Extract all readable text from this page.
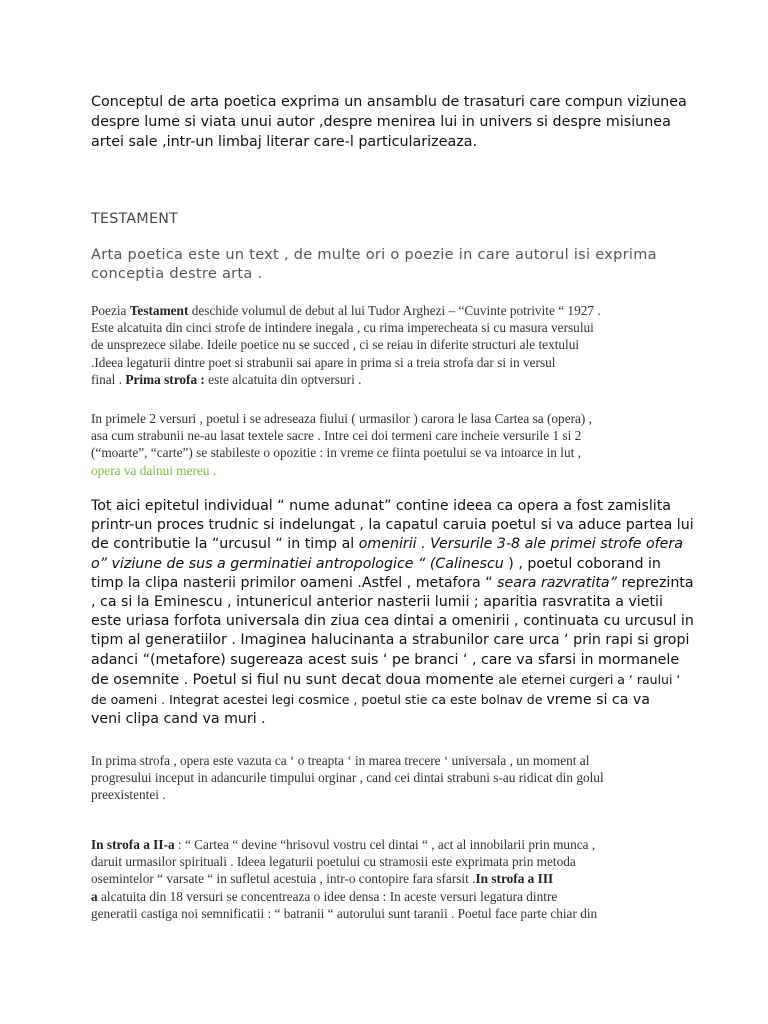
Conceptul de arta poetica exprima un ansamblu de trasaturi care compun viziunea
despre lume si viata unui autor ,despre menirea lui in univers si despre misiunea
artei sale ,intr-un limbaj literar care-l particularizeaza.
TESTAMENT
Arta poetica este un text , de multe ori o poezie in care autorul isi exprima
conceptia destre arta .
Poezia Testament deschide volumul de debut al lui Tudor Arghezi – “Cuvinte potrivite “ 1927 .
Este alcatuita din cinci strofe de intindere inegala , cu rima imperecheata si cu masura versului
de unsprezece silabe. Ideile poetice nu se succed , ci se reiau in diferite structuri ale textului
.Ideea legaturii dintre poet si strabunii sai apare in prima si a treia strofa dar si in versul
final . Prima strofa : este alcatuita din optversuri .
In primele 2 versuri , poetul i se adreseaza fiului ( urmasilor ) carora le lasa Cartea sa (opera) ,
asa cum strabunii ne-au lasat textele sacre . Intre cei doi termeni care incheie versurile 1 si 2
(“moarte”, “carte”) se stabileste o opozitie : in vreme ce fiinta poetului se va intoarce in lut ,
opera va dainui mereu .
Tot aici epitetul individual “ nume adunat” contine ideea ca opera a fost zamislita
printr-un proces trudnic si indelungat , la capatul caruia poetul si va aduce partea lui
de contributie la “urcusul “ in timp al omenirii . Versurile 3-8 ale primei strofe ofera
o” viziune de sus a germinatiei antropologice “ (Calinescu ) , poetul coborand in
timp la clipa nasterii primilor oameni .Astfel , metafora “ seara razvratita” reprezinta
, ca si la Eminescu , intunericul anterior nasterii lumii ; aparitia rasvratita a vietii
este uriasa forfota universala din ziua cea dintai a omenirii , continuata cu urcusul in
tipm al generatiilor . Imaginea halucinanta a strabunilor care urca ‘ prin rapi si gropi
adanci “(metafore) sugereaza acest suis ‘ pe branci ‘ , care va sfarsi in mormanele
de osemnite . Poetul si fiul nu sunt decat doua momente ale eternei curgeri a ‘ raului ‘
de oameni . Integrat acestei legi cosmice , poetul stie ca este bolnav de vreme si ca va
veni clipa cand va muri .
In prima strofa , opera este vazuta ca ‘ o treapta ‘ in marea trecere ‘ universala , un moment al
progresului inceput in adancurile timpului orginar , cand cei dintai strabuni s-au ridicat din golul
preexistentei .
In strofa a II-a : “ Cartea “ devine “hrisovul vostru cel dintai “ , act al innobilarii prin munca ,
daruit urmasilor spirituali . Ideea legaturii poetului cu stramosii este exprimata prin metoda
osemintelor “ varsate “ in sufletul acestuia , intr-o contopire fara sfarsit .In strofa a III
a alcatuita din 18 versuri se concentreaza o idee densa : In aceste versuri legatura dintre
generatii castiga noi semnificatii : “ batranii “ autorului sunt taranii . Poetul face parte chiar din
